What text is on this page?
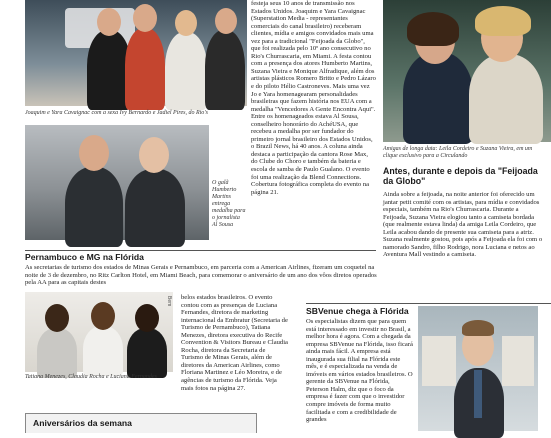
Joaquim e Yara Cavaignac com a sexa Ivy Bernardo e Jadiel Pires, do Rio's
O galã Humberto Martins entrega medalha para o jornalista Al Sousa
festeja seus 10 anos de transmissão nos Estados Unidos. Joaquim e Yara Cavaignac (Superstation Media - representantes comerciais do canal brasileiro) receberam clientes, mídia e amigos convidados mais uma vez para a tradicional "Feijoada da Globo", que foi realizada pelo 10º ano consecutivo no Rio's Churrascaria, em Miami. A festa contou com a presença dos atores Humberto Martins, Suzana Vieira e Monique Alfradique, além dos artistas plásticos Romero Britto e Pedro Lázaro e do piloto Hélio Castroneves. Mais uma vez Jo e Yara homenagearam personalidades brasileiras que fazem história nos EUA com a medalha "Vencedores A Gente Encontra Aqui". Entre os homenageados estava Al Sousa, conselheiro honorário do AchéUSA, que recebeu a medalha por ser fundador do primeiro jornal brasileiro dos Estados Unidos, o Brazil News, há 40 anos. A coluna ainda destaca a participação da cantora Rose Max, do Clube do Choro e também da bateria e escola de samba de Paulo Gualano. O evento foi uma realização da Blend Connections. Cobertura fotográfica completa do evento na página 21.
Amigas de longa data: Leila Cordeiro e Suzana Vieira, em um clique exclusivo para a Circulando
Antes, durante e depois da "Feijoada da Globo"
Ainda sobre a feijoada, na noite anterior foi oferecido um jantar petit comité com os artistas, para mídia e convidados especiais, também na Rio's Churrascaria. Durante a Feijoada, Suzana Vieira elogiou tanto a camiseta bordada (que realmente estava linda) da amiga Leila Cordeiro, que Leila acabou dando de presente sua camiseta para a atriz. Suzana realmente gostou, pois após a Feijoada ela foi com o namorado Sandro, filho Rodrigo, nora Luciana e netos ao Aventura Mall vestindo a camiseta.
Pernambuco e MG na Flórida
As secretarias de turismo dos estados de Minas Gerais e Pernambuco, em parceria com a American Airlines, fizeram um coquetel na noite de 3 de dezembro, no Ritz Carlton Hotel, em Miami Beach, para comemorar o aniversário de um ano dos vôos diretos operados pela AA para as capitais destes
Tatiana Menezes, Claudia Rocha e Luciana Fernandes
Bem belos estados brasileiros. O evento contou com as presenças de Luciana Fernandes, diretora de marketing internacional da Embratur (Secretaria de Turismo de Pernambuco), Tatiana Menezes, diretora executiva do Recife Convention & Visitors Bureau e Claudia Rocha, diretora da Secretaria de Turismo de Minas Gerais, além de diretores da American Airlines, como Floriana Martinez e Léo Moreira, e de agências de turismo da Flórida. Veja mais fotos na página 27.
Aniversários da semana
SBVenue chega à Flórida
Os especialistas dizem que para quem está interessado em investir no Brasil, a melhor hora é agora. Com a chegada da empresa SBVenue na Flórida, isso ficará ainda mais fácil. A empresa está inaugurada sua filial na Flórida este mês, e é especializada na venda de imóveis em vários estados brasileiros. O gerente da SBVenue na Flórida, Peterson Halm, diz que o foco da empresa é fazer com que o investidor compre imóveis de forma muito facilitada e com a credibilidade de grandes
